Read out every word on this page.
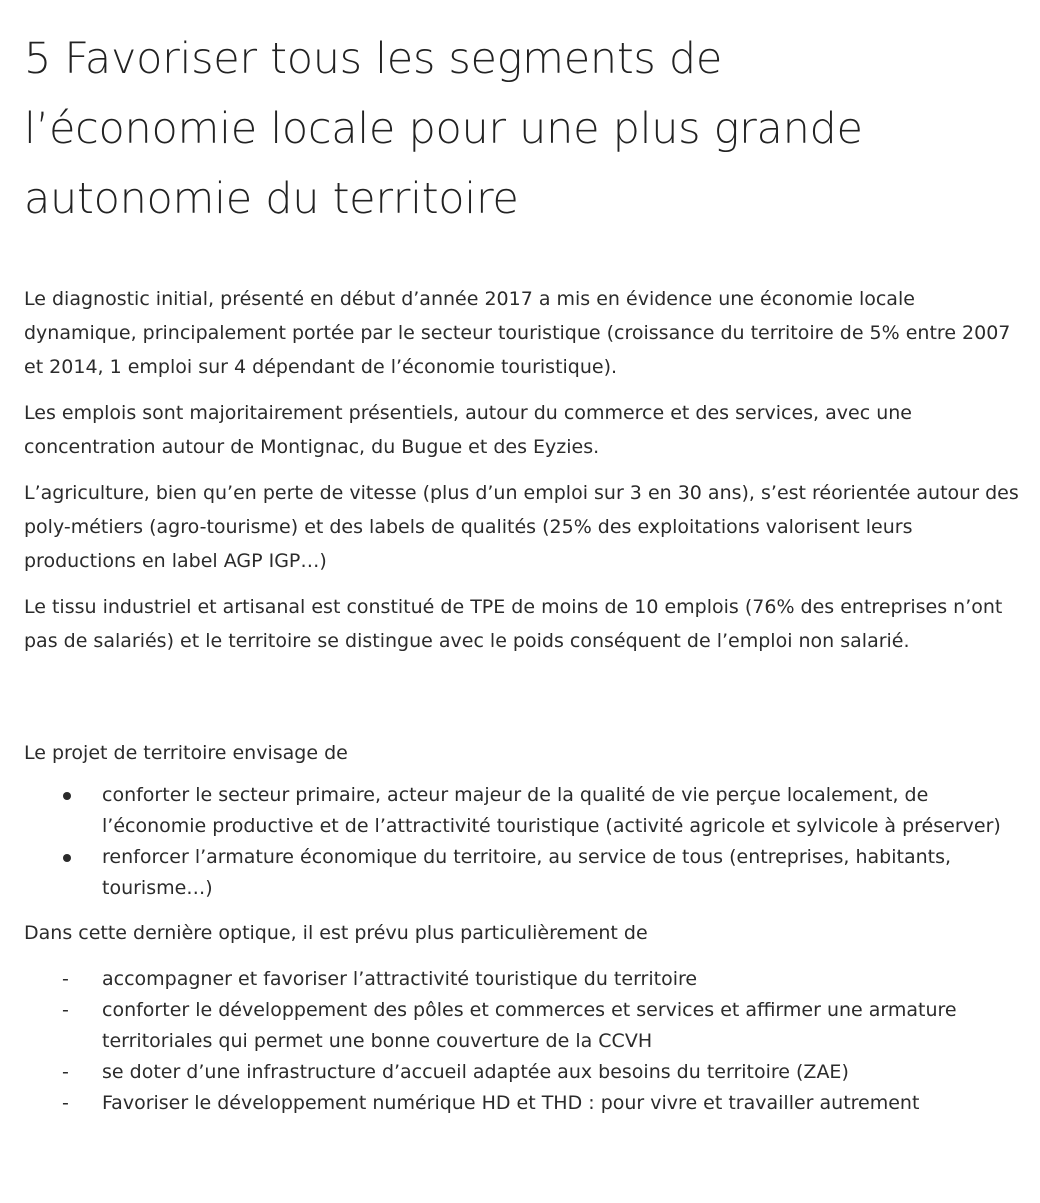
5 Favoriser tous les segments de
l’économie locale pour une plus grande
autonomie du territoire

Le diagnostic initial, présenté en début d’année 2017 a mis en évidence une économie locale dynamique, principalement portée par le secteur touristique (croissance du territoire de 5% entre 2007 et 2014, 1 emploi sur 4 dépendant de l’économie touristique).

Les emplois sont majoritairement présentiels, autour du commerce et des services, avec une concentration autour de Montignac, du Bugue et des Eyzies.

L’agriculture, bien qu’en perte de vitesse (plus d’un emploi sur 3 en 30 ans), s’est réorientée autour des poly-métiers (agro-tourisme) et des labels de qualités (25% des exploitations valorisent leurs productions en label AGP IGP…)

Le tissu industriel et artisanal est constitué de TPE de moins de 10 emplois (76% des entreprises n’ont pas de salariés) et le territoire se distingue avec le poids conséquent de l’emploi non salarié.

Le projet de territoire envisage de

conforter le secteur primaire, acteur majeur de la qualité de vie perçue localement, de l’économie productive et de l’attractivité touristique (activité agricole et sylvicole à préserver)
renforcer l’armature économique du territoire, au service de tous (entreprises, habitants, tourisme…)

Dans cette dernière optique, il est prévu plus particulièrement de

- accompagner et favoriser l’attractivité touristique du territoire
- conforter le développement des pôles et commerces et services et affirmer une armature territoriales qui permet une bonne couverture de la CCVH
- se doter d’une infrastructure d’accueil adaptée aux besoins du territoire (ZAE)
- Favoriser le développement numérique HD et THD : pour vivre et travailler autrement
